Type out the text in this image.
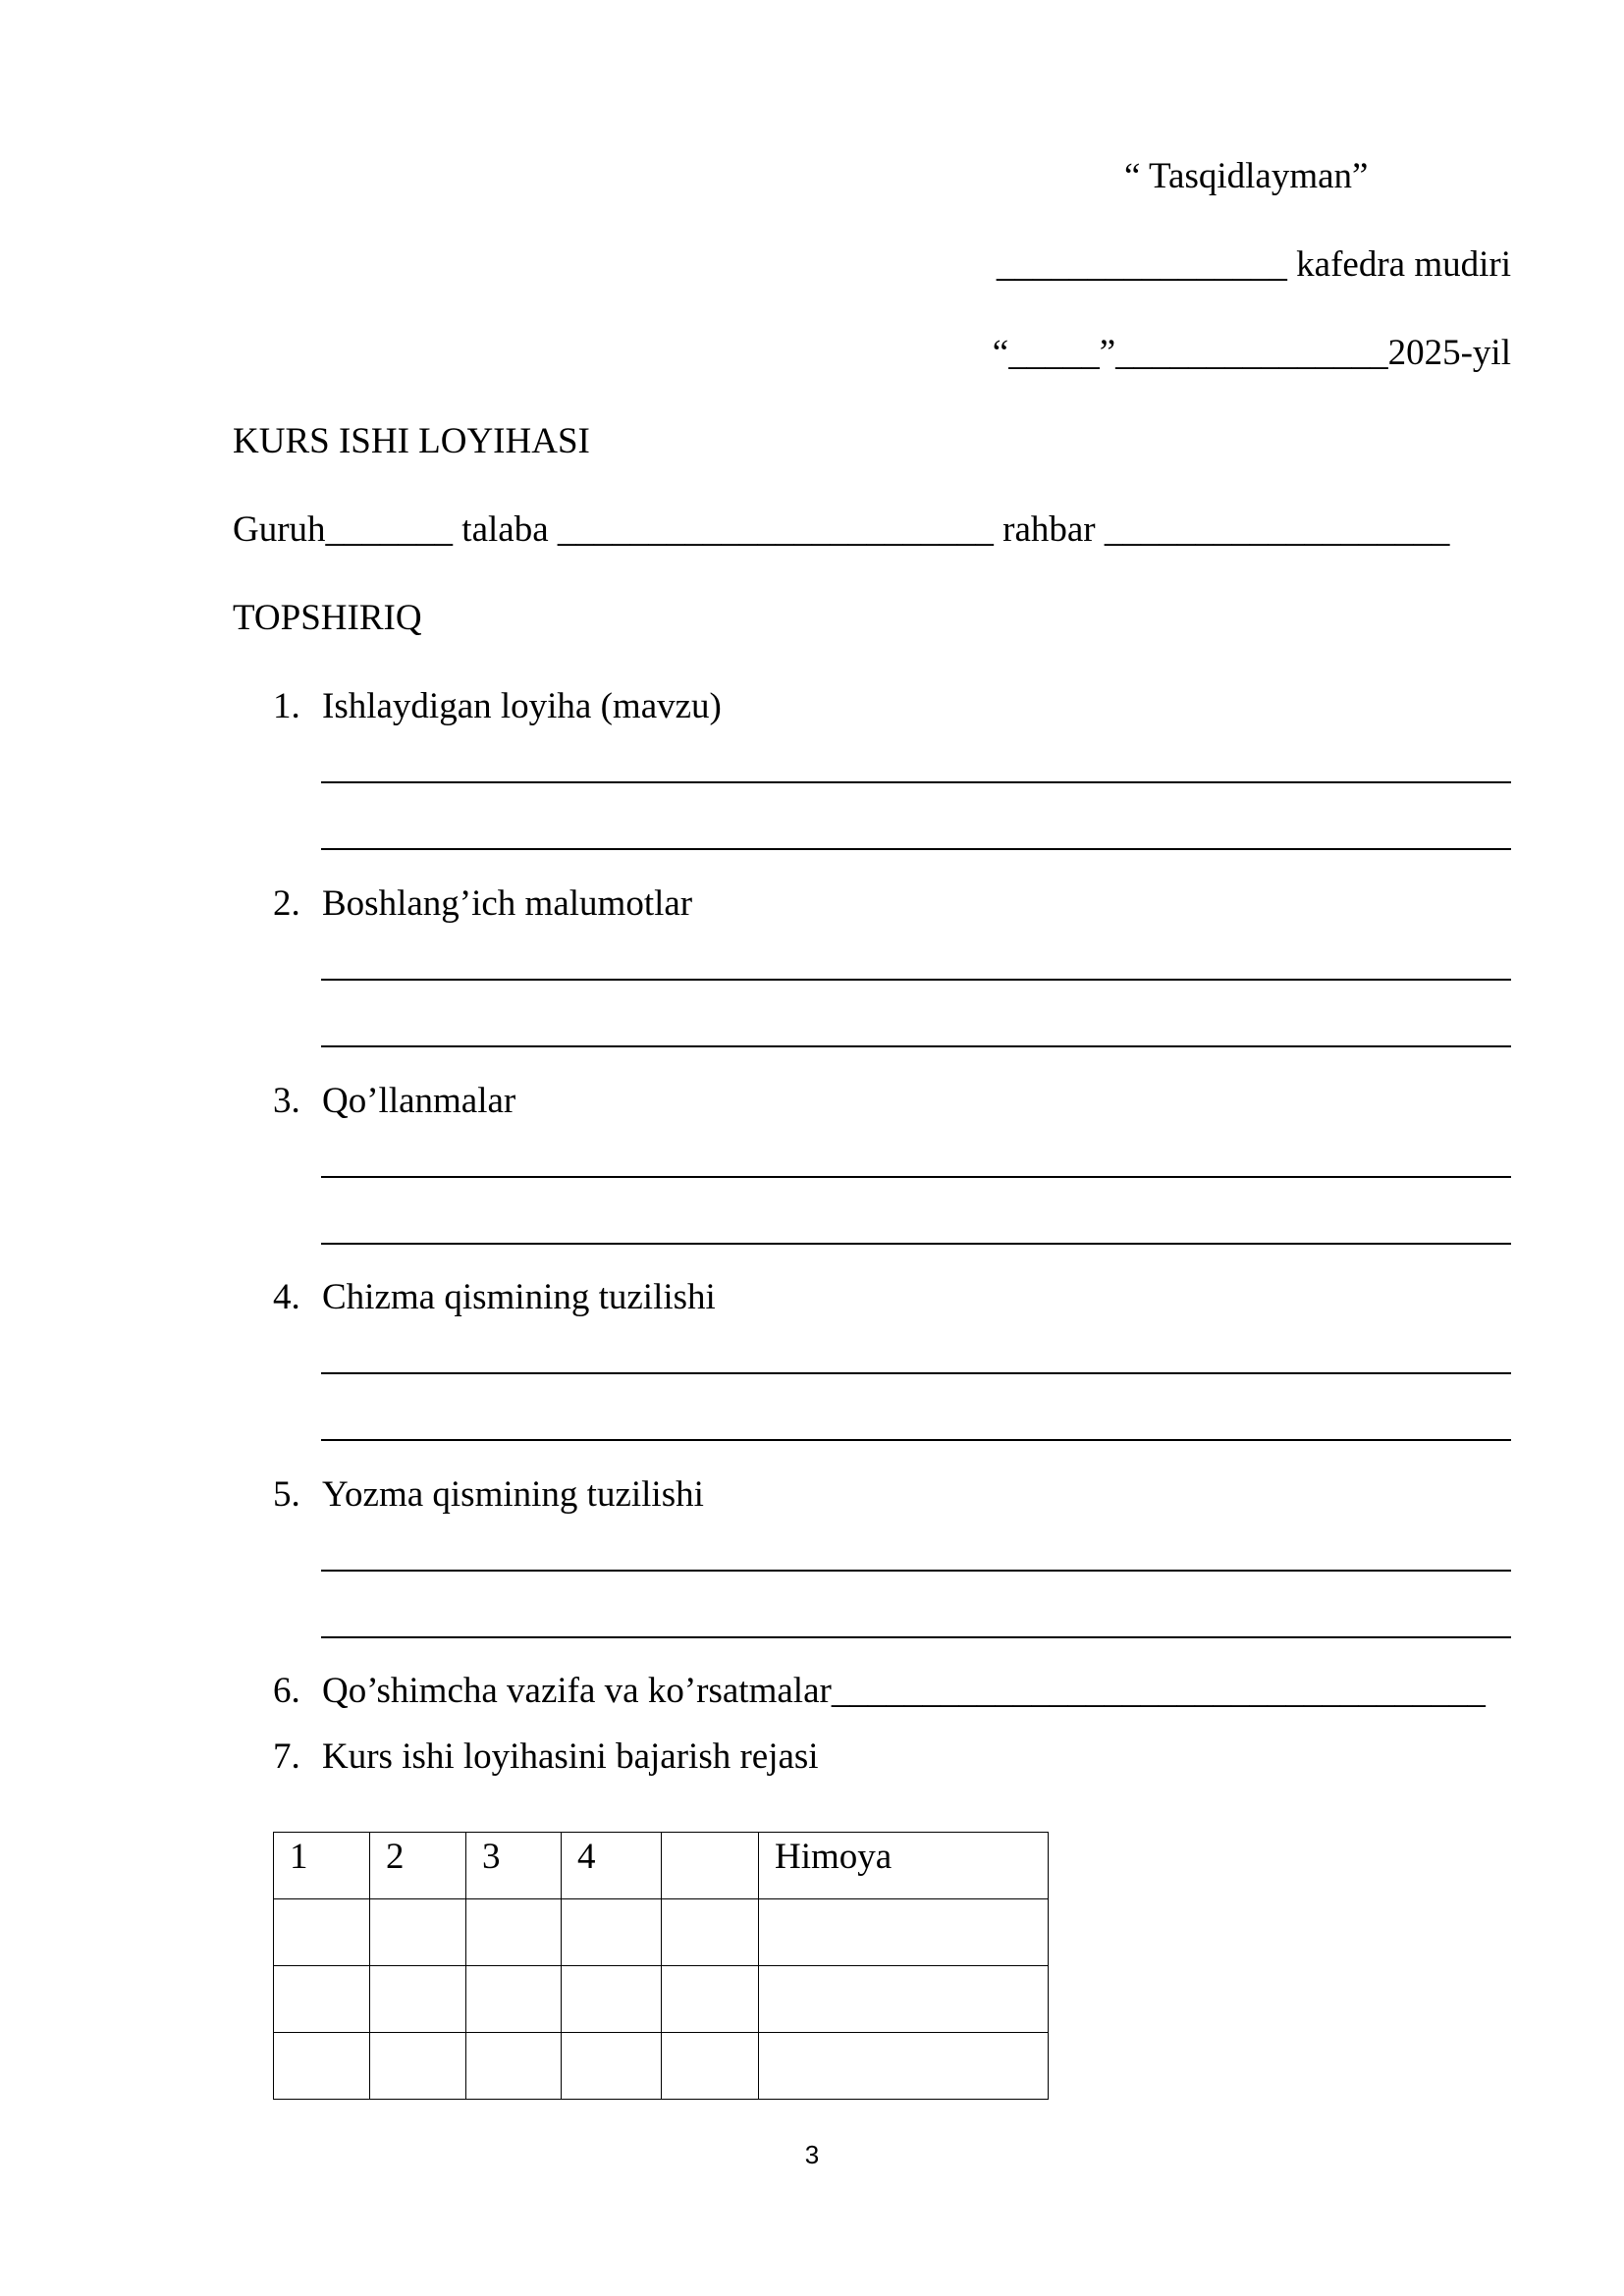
“ Tasqidlayman”
________________ kafedra mudiri
“_____”_______________2025-yil
KURS ISHI LOYIHASI
Guruh_______ talaba ________________________ rahbar ___________________
TOPSHIRIQ
1. Ishlaydigan loyiha (mavzu)
2. Boshlang’ich malumotlar
3. Qo’llanmalar
4. Chizma qismining tuzilishi
5. Yozma qismining tuzilishi
6. Qo’shimcha vazifa va ko’rsatmalar____________________________________
7. Kurs ishi loyihasini bajarish rejasi
1	2	3	4		Himoya

3
